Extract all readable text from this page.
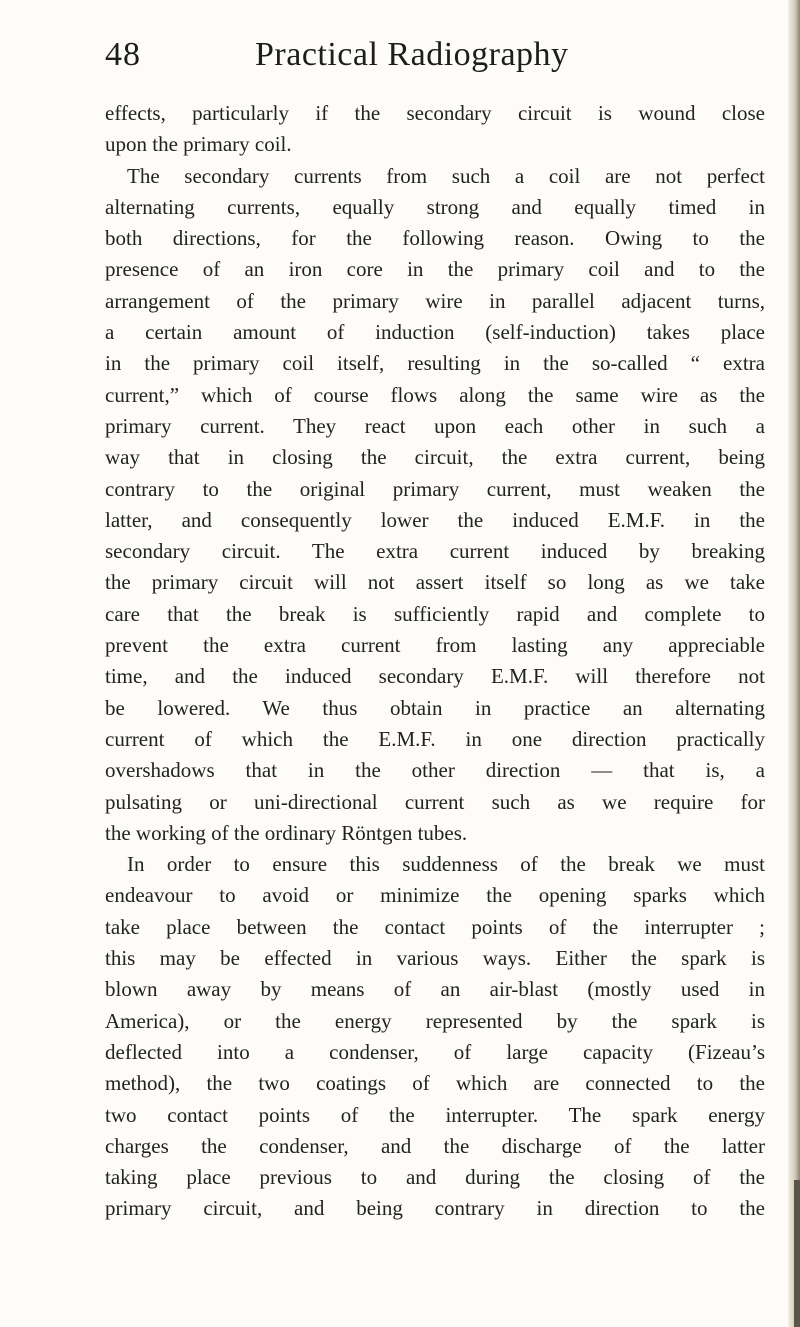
48	Practical Radiography
effects, particularly if the secondary circuit is wound close
upon the primary coil.
The secondary currents from such a coil are not perfect
alternating currents, equally strong and equally timed in
both directions, for the following reason. Owing to the
presence of an iron core in the primary coil and to the
arrangement of the primary wire in parallel adjacent turns,
a certain amount of induction (self-induction) takes place
in the primary coil itself, resulting in the so-called “ extra
current,” which of course flows along the same wire as the
primary current. They react upon each other in such a
way that in closing the circuit, the extra current, being
contrary to the original primary current, must weaken the
latter, and consequently lower the induced E.M.F. in the
secondary circuit. The extra current induced by breaking
the primary circuit will not assert itself so long as we take
care that the break is sufficiently rapid and complete to
prevent the extra current from lasting any appreciable
time, and the induced secondary E.M.F. will therefore not
be lowered. We thus obtain in practice an alternating
current of which the E.M.F. in one direction practically
overshadows that in the other direction — that is, a
pulsating or uni-directional current such as we require for
the working of the ordinary Röntgen tubes.
In order to ensure this suddenness of the break we must
endeavour to avoid or minimize the opening sparks which
take place between the contact points of the interrupter ;
this may be effected in various ways. Either the spark is
blown away by means of an air-blast (mostly used in
America), or the energy represented by the spark is
deflected into a condenser, of large capacity (Fizeau’s
method), the two coatings of which are connected to the
two contact points of the interrupter. The spark energy
charges the condenser, and the discharge of the latter
taking place previous to and during the closing of the
primary circuit, and being contrary in direction to the
